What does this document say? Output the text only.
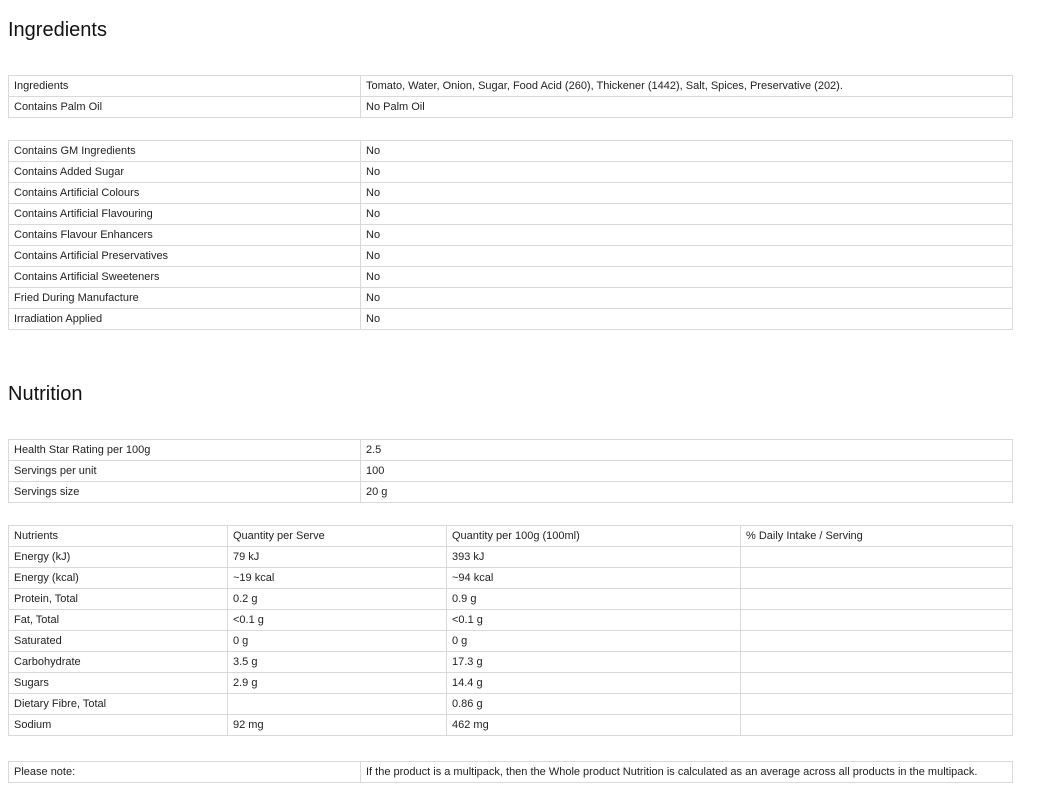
Ingredients
Ingredients	Tomato, Water, Onion, Sugar, Food Acid (260), Thickener (1442), Salt, Spices, Preservative (202).
Contains Palm Oil	No Palm Oil
Contains GM Ingredients	No
Contains Added Sugar	No
Contains Artificial Colours	No
Contains Artificial Flavouring	No
Contains Flavour Enhancers	No
Contains Artificial Preservatives	No
Contains Artificial Sweeteners	No
Fried During Manufacture	No
Irradiation Applied	No
Nutrition
Health Star Rating per 100g	2.5
Servings per unit	100
Servings size	20 g
Nutrients	Quantity per Serve	Quantity per 100g (100ml)	% Daily Intake / Serving
Energy (kJ)	79 kJ	393 kJ	
Energy (kcal)	~19 kcal	~94 kcal	
Protein, Total	0.2 g	0.9 g	
Fat, Total	<0.1 g	<0.1 g	
Saturated	0 g	0 g	
Carbohydrate	3.5 g	17.3 g	
Sugars	2.9 g	14.4 g	
Dietary Fibre, Total		0.86 g	
Sodium	92 mg	462 mg	
Please note:	If the product is a multipack, then the Whole product Nutrition is calculated as an average across all products in the multipack.
